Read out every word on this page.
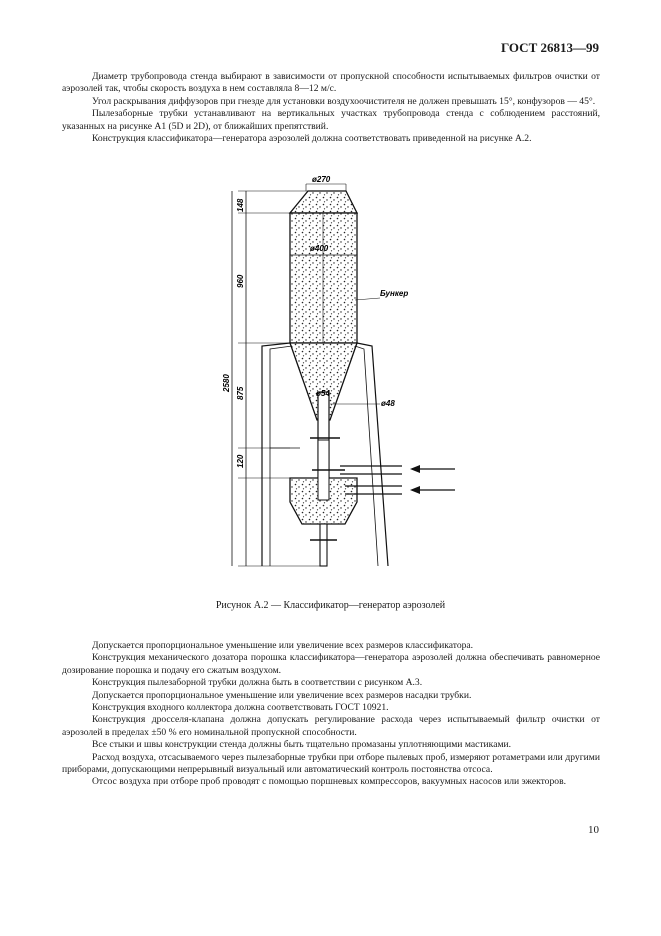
ГОСТ 26813—99

Диаметр трубопровода стенда выбирают в зависимости от пропускной способности испытываемых фильтров очистки от аэрозолей так, чтобы скорость воздуха в нем составляла 8—12 м/с.

Угол раскрывания диффузоров при гнезде для установки воздухоочистителя не должен превышать 15°, конфузоров — 45°.

Пылезаборные трубки устанавливают на вертикальных участках трубопровода стенда с соблюдением расстояний, указанных на рисунке А1 (5D и 2D), от ближайших препятствий.

Конструкция классификатора—генератора аэрозолей должна соответствовать приведенной на рисунке А.2.

ø270
ø400
ø54
ø48
Бункер
148
960
875
120
2580
Рисунок А.2 — Классификатор—генератор аэрозолей

Допускается пропорциональное уменьшение или увеличение всех размеров классификатора.

Конструкция механического дозатора порошка классификатора—генератора аэрозолей должна обеспечивать равномерное дозирование порошка и подачу его сжатым воздухом.

Конструкция пылезаборной трубки должна быть в соответствии с рисунком А.3.

Допускается пропорциональное уменьшение или увеличение всех размеров насадки трубки.

Конструкция входного коллектора должна соответствовать ГОСТ 10921.

Конструкция дросселя-клапана должна допускать регулирование расхода через испытываемый фильтр очистки от аэрозолей в пределах ±50 % его номинальной пропускной способности.

Все стыки и швы конструкции стенда должны быть тщательно промазаны уплотняющими мастиками.

Расход воздуха, отсасываемого через пылезаборные трубки при отборе пылевых проб, измеряют ротаметрами или другими приборами, допускающими непрерывный визуальный или автоматический контроль постоянства отсоса.

Отсос воздуха при отборе проб проводят с помощью поршневых компрессоров, вакуумных насосов или эжекторов.

10
